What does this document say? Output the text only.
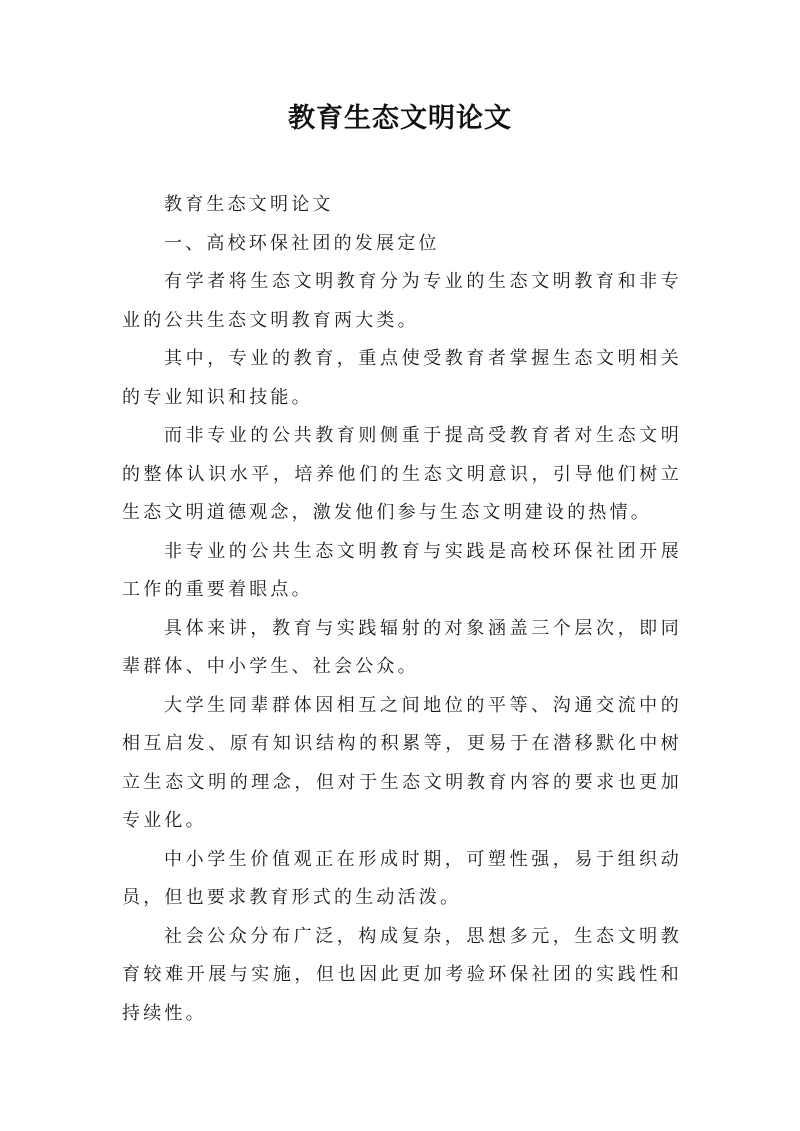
教育生态文明论文

教育生态文明论文

一、高校环保社团的发展定位

有学者将生态文明教育分为专业的生态文明教育和非专业的公共生态文明教育两大类。

其中，专业的教育，重点使受教育者掌握生态文明相关的专业知识和技能。

而非专业的公共教育则侧重于提高受教育者对生态文明的整体认识水平，培养他们的生态文明意识，引导他们树立生态文明道德观念，激发他们参与生态文明建设的热情。

非专业的公共生态文明教育与实践是高校环保社团开展工作的重要着眼点。

具体来讲，教育与实践辐射的对象涵盖三个层次，即同辈群体、中小学生、社会公众。

大学生同辈群体因相互之间地位的平等、沟通交流中的相互启发、原有知识结构的积累等，更易于在潜移默化中树立生态文明的理念，但对于生态文明教育内容的要求也更加专业化。

中小学生价值观正在形成时期，可塑性强，易于组织动员，但也要求教育形式的生动活泼。

社会公众分布广泛，构成复杂，思想多元，生态文明教育较难开展与实施，但也因此更加考验环保社团的实践性和持续性。
